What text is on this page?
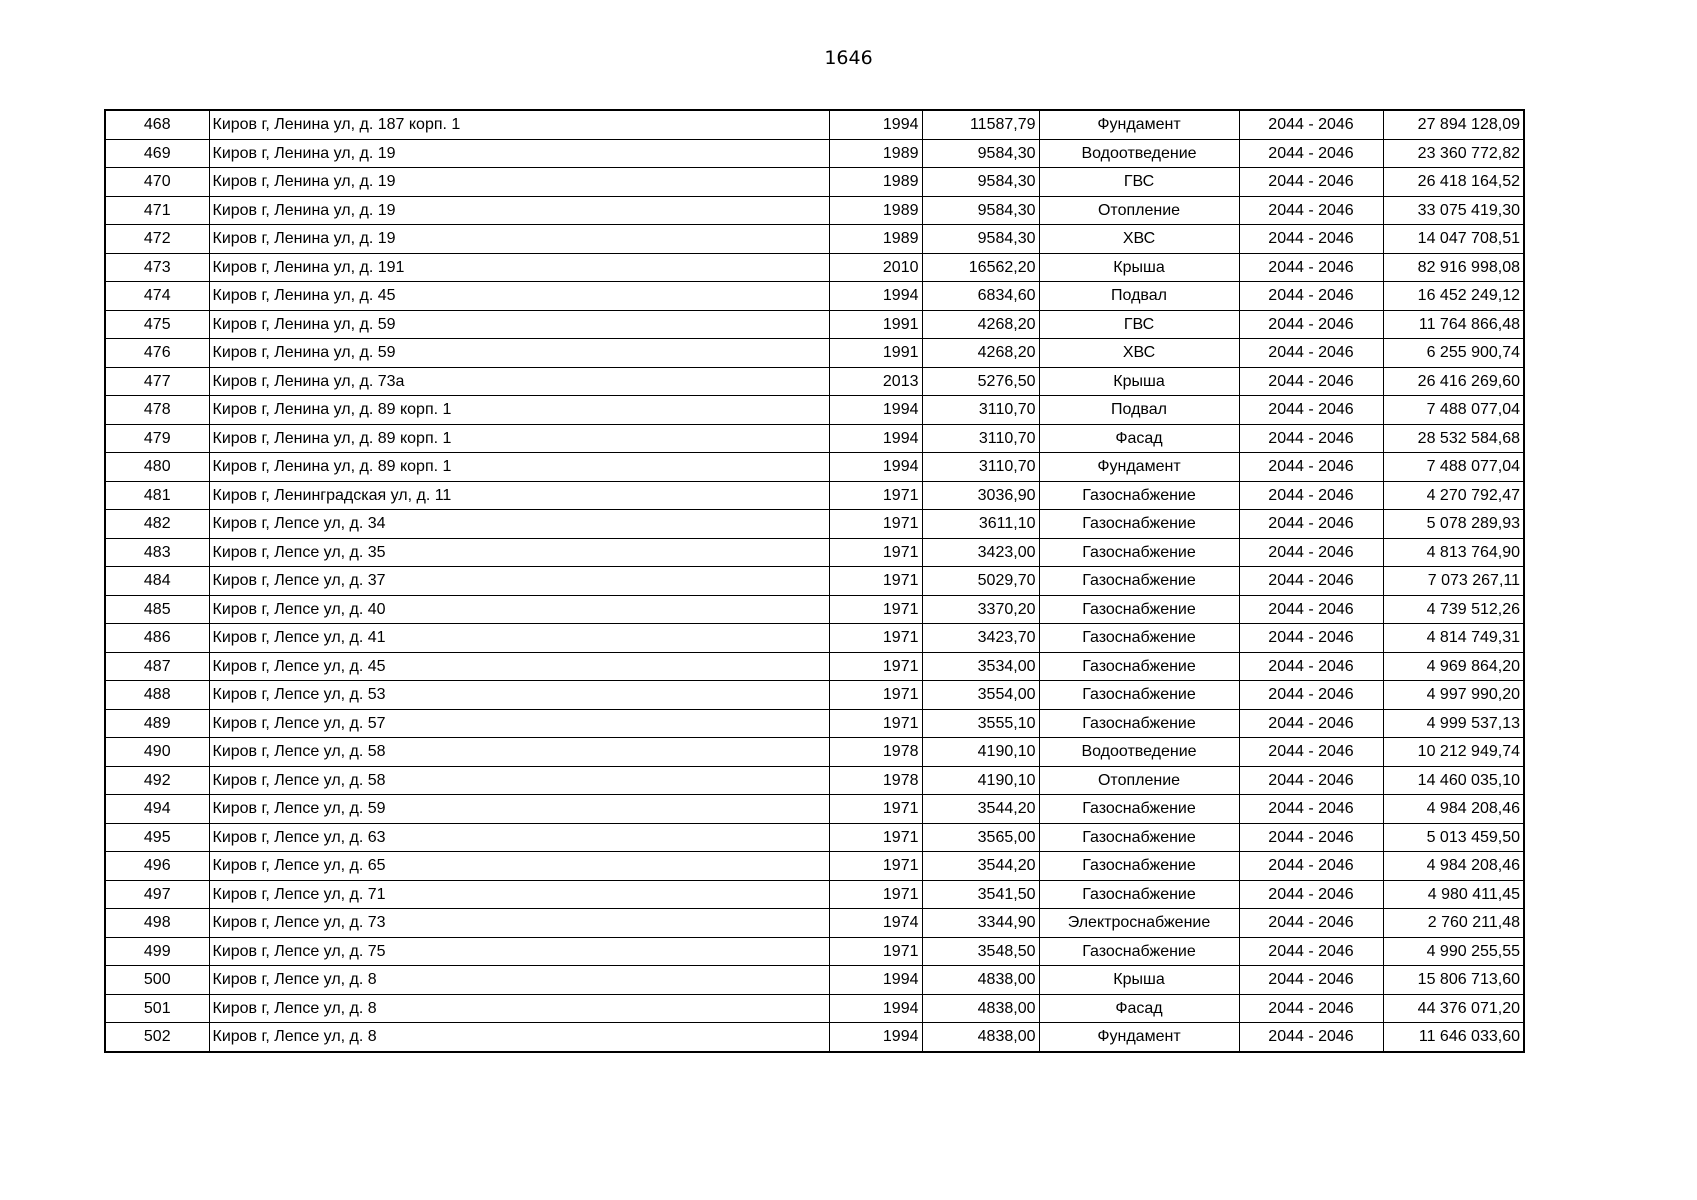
1646
468	Киров г, Ленина ул, д. 187 корп. 1	1994	11587,79	Фундамент	2044 - 2046	27 894 128,09
469	Киров г, Ленина ул, д. 19	1989	9584,30	Водоотведение	2044 - 2046	23 360 772,82
470	Киров г, Ленина ул, д. 19	1989	9584,30	ГВС	2044 - 2046	26 418 164,52
471	Киров г, Ленина ул, д. 19	1989	9584,30	Отопление	2044 - 2046	33 075 419,30
472	Киров г, Ленина ул, д. 19	1989	9584,30	ХВС	2044 - 2046	14 047 708,51
473	Киров г, Ленина ул, д. 191	2010	16562,20	Крыша	2044 - 2046	82 916 998,08
474	Киров г, Ленина ул, д. 45	1994	6834,60	Подвал	2044 - 2046	16 452 249,12
475	Киров г, Ленина ул, д. 59	1991	4268,20	ГВС	2044 - 2046	11 764 866,48
476	Киров г, Ленина ул, д. 59	1991	4268,20	ХВС	2044 - 2046	6 255 900,74
477	Киров г, Ленина ул, д. 73а	2013	5276,50	Крыша	2044 - 2046	26 416 269,60
478	Киров г, Ленина ул, д. 89 корп. 1	1994	3110,70	Подвал	2044 - 2046	7 488 077,04
479	Киров г, Ленина ул, д. 89 корп. 1	1994	3110,70	Фасад	2044 - 2046	28 532 584,68
480	Киров г, Ленина ул, д. 89 корп. 1	1994	3110,70	Фундамент	2044 - 2046	7 488 077,04
481	Киров г, Ленинградская ул, д. 11	1971	3036,90	Газоснабжение	2044 - 2046	4 270 792,47
482	Киров г, Лепсе ул, д. 34	1971	3611,10	Газоснабжение	2044 - 2046	5 078 289,93
483	Киров г, Лепсе ул, д. 35	1971	3423,00	Газоснабжение	2044 - 2046	4 813 764,90
484	Киров г, Лепсе ул, д. 37	1971	5029,70	Газоснабжение	2044 - 2046	7 073 267,11
485	Киров г, Лепсе ул, д. 40	1971	3370,20	Газоснабжение	2044 - 2046	4 739 512,26
486	Киров г, Лепсе ул, д. 41	1971	3423,70	Газоснабжение	2044 - 2046	4 814 749,31
487	Киров г, Лепсе ул, д. 45	1971	3534,00	Газоснабжение	2044 - 2046	4 969 864,20
488	Киров г, Лепсе ул, д. 53	1971	3554,00	Газоснабжение	2044 - 2046	4 997 990,20
489	Киров г, Лепсе ул, д. 57	1971	3555,10	Газоснабжение	2044 - 2046	4 999 537,13
490	Киров г, Лепсе ул, д. 58	1978	4190,10	Водоотведение	2044 - 2046	10 212 949,74
492	Киров г, Лепсе ул, д. 58	1978	4190,10	Отопление	2044 - 2046	14 460 035,10
494	Киров г, Лепсе ул, д. 59	1971	3544,20	Газоснабжение	2044 - 2046	4 984 208,46
495	Киров г, Лепсе ул, д. 63	1971	3565,00	Газоснабжение	2044 - 2046	5 013 459,50
496	Киров г, Лепсе ул, д. 65	1971	3544,20	Газоснабжение	2044 - 2046	4 984 208,46
497	Киров г, Лепсе ул, д. 71	1971	3541,50	Газоснабжение	2044 - 2046	4 980 411,45
498	Киров г, Лепсе ул, д. 73	1974	3344,90	Электроснабжение	2044 - 2046	2 760 211,48
499	Киров г, Лепсе ул, д. 75	1971	3548,50	Газоснабжение	2044 - 2046	4 990 255,55
500	Киров г, Лепсе ул, д. 8	1994	4838,00	Крыша	2044 - 2046	15 806 713,60
501	Киров г, Лепсе ул, д. 8	1994	4838,00	Фасад	2044 - 2046	44 376 071,20
502	Киров г, Лепсе ул, д. 8	1994	4838,00	Фундамент	2044 - 2046	11 646 033,60
